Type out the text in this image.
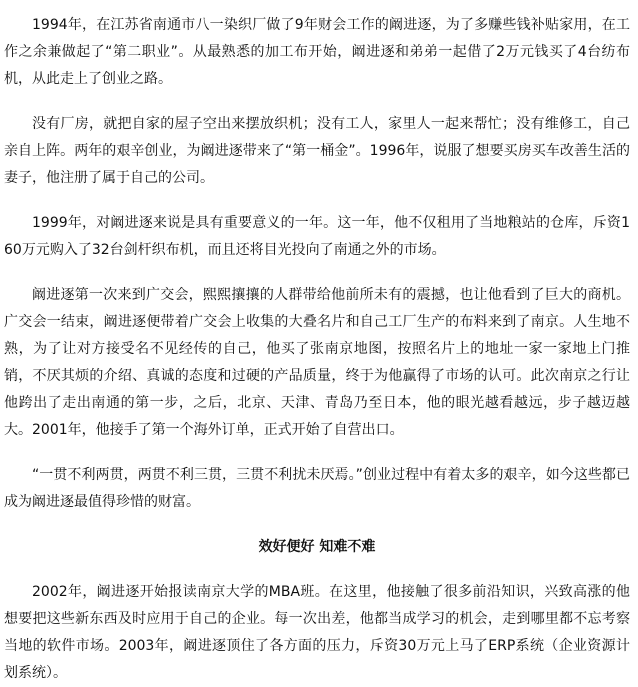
1994年，在江苏省南通市八一染织厂做了9年财会工作的阚进逐，为了多赚些钱补贴家用，在工作之余兼做起了“第二职业”。从最熟悉的加工布开始，阚进逐和弟弟一起借了2万元钱买了4台纺布机，从此走上了创业之路。

没有厂房，就把自家的屋子空出来摆放织机；没有工人，家里人一起来帮忙；没有维修工，自己亲自上阵。两年的艰辛创业，为阚进逐带来了“第一桶金”。1996年，说服了想要买房买车改善生活的妻子，他注册了属于自己的公司。

1999年，对阚进逐来说是具有重要意义的一年。这一年，他不仅租用了当地粮站的仓库，斥资160万元购入了32台剑杆织布机，而且还将目光投向了南通之外的市场。

阚进逐第一次来到广交会，熙熙攘攘的人群带给他前所未有的震撼，也让他看到了巨大的商机。广交会一结束，阚进逐便带着广交会上收集的大叠名片和自己工厂生产的布料来到了南京。人生地不熟，为了让对方接受名不见经传的自己，他买了张南京地图，按照名片上的地址一家一家地上门推销，不厌其烦的介绍、真诚的态度和过硬的产品质量，终于为他赢得了市场的认可。此次南京之行让他跨出了走出南通的第一步，之后，北京、天津、青岛乃至日本，他的眼光越看越远，步子越迈越大。2001年，他接手了第一个海外订单，正式开始了自营出口。

“一贯不利两贯，两贯不利三贯，三贯不利扰未厌焉。”创业过程中有着太多的艰辛，如今这些都已成为阚进逐最值得珍惜的财富。

效好便好 知难不难

2002年，阚进逐开始报读南京大学的MBA班。在这里，他接触了很多前沿知识，兴致高涨的他想要把这些新东西及时应用于自己的企业。每一次出差，他都当成学习的机会，走到哪里都不忘考察当地的软件市场。2003年，阚进逐顶住了各方面的压力，斥资30万元上马了ERP系统（企业资源计划系统）。
